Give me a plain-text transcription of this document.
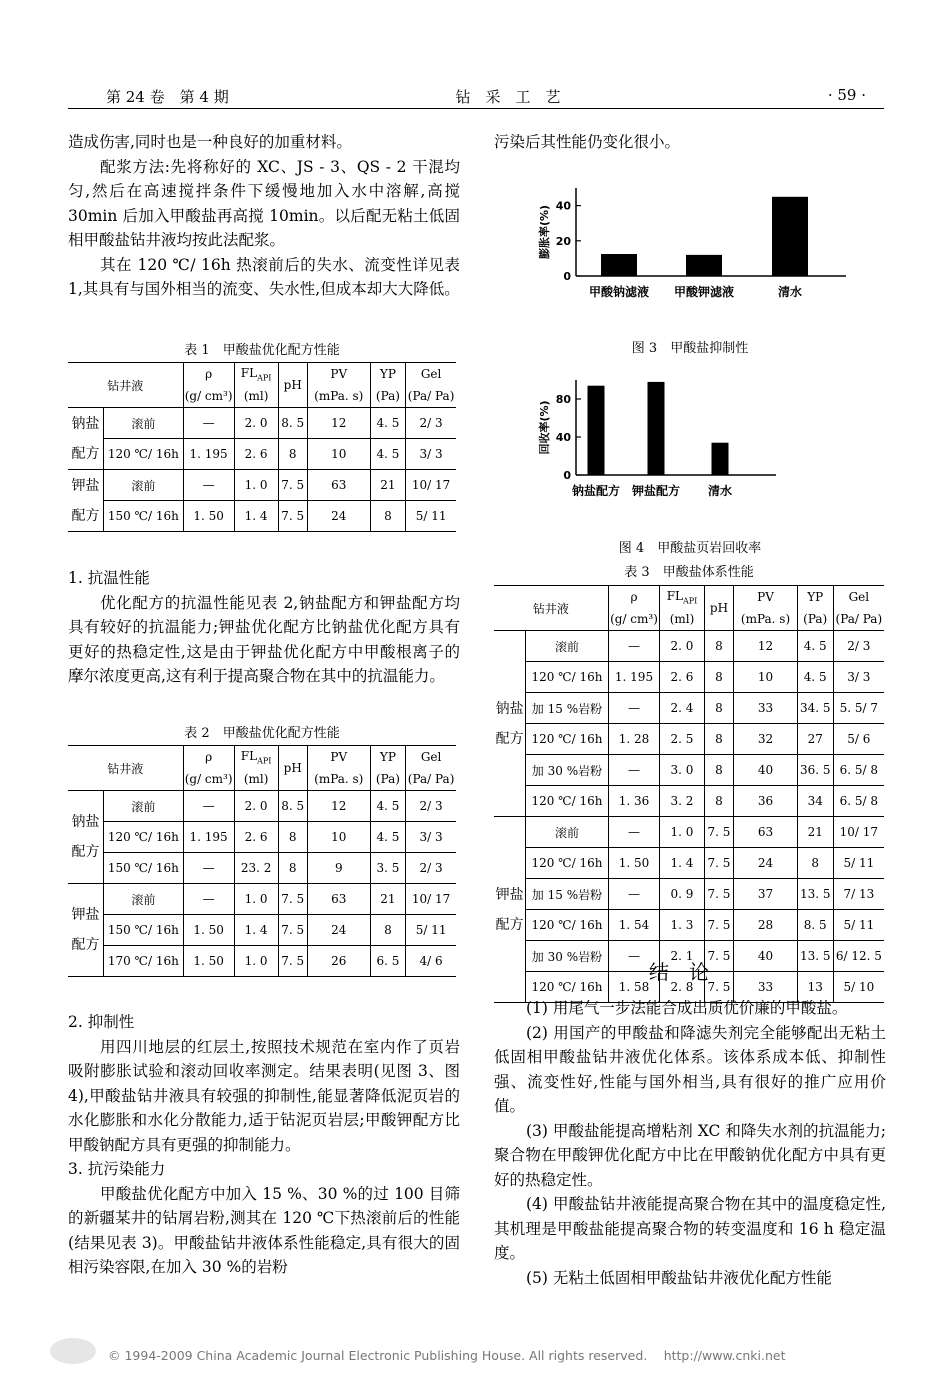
第 24 卷　第 4 期	钻　采　工　艺	· 59 ·

造成伤害,同时也是一种良好的加重材料。

配浆方法:先将称好的 XC、JS - 3、QS - 2 干混均匀,然后在高速搅拌条件下缓慢地加入水中溶解,高搅 30min 后加入甲酸盐再高搅 10min。以后配无粘土低固相甲酸盐钻井液均按此法配浆。

其在 120 ℃/ 16h 热滚前后的失水、流变性详见表 1,其具有与国外相当的流变、失水性,但成本却大大降低。

表 1　甲酸盐优化配方性能
钻井液		ρ	$FL_{API}$	pH	PV	YP	Gel
		(g/ cm³)	(ml)		(mPa. s)	(Pa)	(Pa/ Pa)
钠盐
配方	滚前	—	2. 0	8. 5	12	4. 5	2/ 3
	120 ℃/ 16h	1. 195	2. 6	8	10	4. 5	3/ 3
钾盐
配方	滚前	—	1. 0	7. 5	63	21	10/ 17
	150 ℃/ 16h	1. 50	1. 4	7. 5	24	8	5/ 11

1. 抗温性能

优化配方的抗温性能见表 2,钠盐配方和钾盐配方均具有较好的抗温能力;钾盐优化配方比钠盐优化配方具有更好的热稳定性,这是由于钾盐优化配方中甲酸根离子的摩尔浓度更高,这有利于提高聚合物在其中的抗温能力。

表 2　甲酸盐优化配方性能
钻井液		ρ	$FL_{API}$	pH	PV	YP	Gel
		(g/ cm³)	(ml)		(mPa. s)	(Pa)	(Pa/ Pa)
钠盐
配方	滚前	—	2. 0	8. 5	12	4. 5	2/ 3
	120 ℃/ 16h	1. 195	2. 6	8	10	4. 5	3/ 3
	150 ℃/ 16h	—	23. 2	8	9	3. 5	2/ 3
钾盐
配方	滚前	—	1. 0	7. 5	63	21	10/ 17
	150 ℃/ 16h	1. 50	1. 4	7. 5	24	8	5/ 11
	170 ℃/ 16h	1. 50	1. 0	7. 5	26	6. 5	4/ 6

2. 抑制性

用四川地层的红层土,按照技术规范在室内作了页岩吸附膨胀试验和滚动回收率测定。结果表明(见图 3、图 4),甲酸盐钻井液具有较强的抑制性,能显著降低泥页岩的水化膨胀和水化分散能力,适于钻泥页岩层;甲酸钾配方比甲酸钠配方具有更强的抑制能力。

3. 抗污染能力

甲酸盐优化配方中加入 15 %、30 %的过 100 目筛的新疆某井的钻屑岩粉,测其在 120 ℃下热滚前后的性能(结果见表 3)。甲酸盐钻井液体系性能稳定,具有很大的固相污染容限,在加入 30 %的岩粉

污染后其性能仍变化很小。

0
20
40
膨胀率(%)
甲酸钠滤液 甲酸钾滤液	清水
图 3　甲酸盐抑制性
0
40
80
回收率(%)
钠盐配方 钾盐配方 清水
图 4　甲酸盐页岩回收率
表 3　甲酸盐体系性能
钻井液		ρ	$FL_{API}$	pH	PV	YP	Gel
		(g/ cm³)	(ml)		(mPa. s)	(Pa)	(Pa/ Pa)
钠盐
配方	滚前	—	2. 0	8	12	4. 5	2/ 3
	120 ℃/ 16h	1. 195	2. 6	8	10	4. 5	3/ 3
	加 15 %岩粉	—	2. 4	8	33	34. 5	5. 5/ 7
	120 ℃/ 16h	1. 28	2. 5	8	32	27	5/ 6
	加 30 %岩粉	—	3. 0	8	40	36. 5	6. 5/ 8
	120 ℃/ 16h	1. 36	3. 2	8	36	34	6. 5/ 8
钾盐
配方	滚前	—	1. 0	7. 5	63	21	10/ 17
	120 ℃/ 16h	1. 50	1. 4	7. 5	24	8	5/ 11
	加 15 %岩粉	—	0. 9	7. 5	37	13. 5	7/ 13
	120 ℃/ 16h	1. 54	1. 3	7. 5	28	8. 5	5/ 11
	加 30 %岩粉	—	2. 1	7. 5	40	13. 5	6/ 12. 5
	120 ℃/ 16h	1. 58	2. 8	7. 5	33	13	5/ 10
结论

(1) 用尾气一步法能合成出质优价廉的甲酸盐。

(2) 用国产的甲酸盐和降滤失剂完全能够配出无粘土低固相甲酸盐钻井液优化体系。该体系成本低、抑制性强、流变性好,性能与国外相当,具有很好的推广应用价值。

(3) 甲酸盐能提高增粘剂 XC 和降失水剂的抗温能力;聚合物在甲酸钾优化配方中比在甲酸钠优化配方中具有更好的热稳定性。

(4) 甲酸盐钻井液能提高聚合物在其中的温度稳定性,其机理是甲酸盐能提高聚合物的转变温度和 16 h 稳定温度。

(5) 无粘土低固相甲酸盐钻井液优化配方性能

© 1994-2009 China Academic Journal Electronic Publishing House. All rights reserved.　 http://www.cnki.net
